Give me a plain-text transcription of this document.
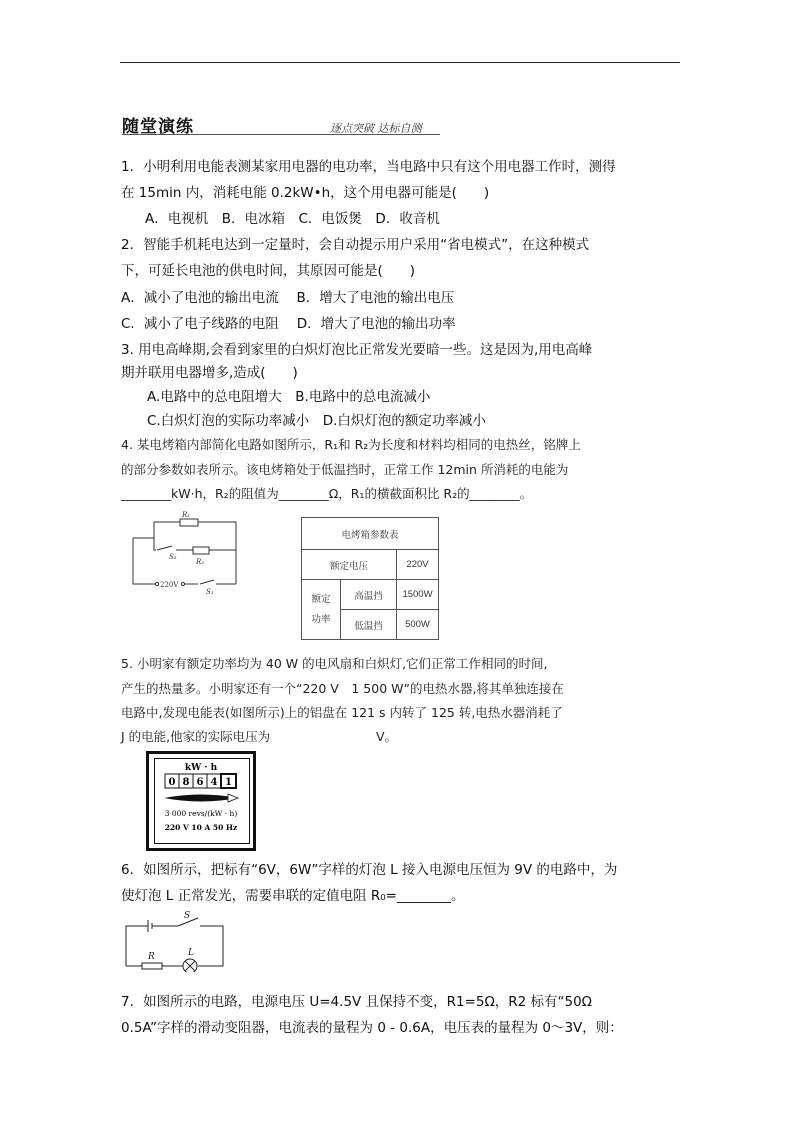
随堂演练	逐点突破 达标自测
1．小明利用电能表测某家用电器的电功率，当电路中只有这个用电器工作时，测得
在 15min 内，消耗电能 0.2kW•h，这个用电器可能是(　　)
A．电视机　B．电冰箱　C．电饭煲　D．收音机
2．智能手机耗电达到一定量时，会自动提示用户采用“省电模式”，在这种模式
下，可延长电池的供电时间，其原因可能是(　　)
A．减小了电池的输出电流　 B．增大了电池的输出电压
C．减小了电子线路的电阻　 D．增大了电池的输出功率
3. 用电高峰期,会看到家里的白炽灯泡比正常发光要暗一些。这是因为,用电高峰
期并联用电器增多,造成(　　)
A.电路中的总电阻增大　B.电路中的总电流减小
C.白炽灯泡的实际功率减小　D.白炽灯泡的额定功率减小
4. 某电烤箱内部简化电路如图所示，R₁和 R₂为长度和材料均相同的电热丝，铭牌上
的部分参数如表所示。该电烤箱处于低温挡时，正常工作 12min 所消耗的电能为
________kW·h，R₂的阻值为________Ω，R₁的横截面积比 R₂的________。
R₁
S₂
R₂
220V
S₁
电烤箱参数表		
额定电压		220V

额定
功率	高温挡	1500W
	低温挡	500W
5. 小明家有额定功率均为 40 W 的电风扇和白炽灯,它们正常工作相同的时间,
产生的热量多。小明家还有一个“220 V　1 500 W”的电热水器,将其单独连接在
电路中,发现电能表(如图所示)上的铝盘在 121 s 内转了 125 转,电热水器消耗了
J 的电能,他家的实际电压为	V。
kW · h
0 8 6 4 1
3 000 revs/(kW · h)
220 V 10 A 50 Hz
6．如图所示，把标有“6V，6W”字样的灯泡 L 接入电源电压恒为 9V 的电路中，为
使灯泡 L 正常发光，需要串联的定值电阻 R₀=________。
S
L
R
7．如图所示的电路，电源电压 U=4.5V 且保持不变，R1=5Ω，R2 标有“50Ω
0.5A”字样的滑动变阻器，电流表的量程为 0 - 0.6A，电压表的量程为 0～3V，则：
